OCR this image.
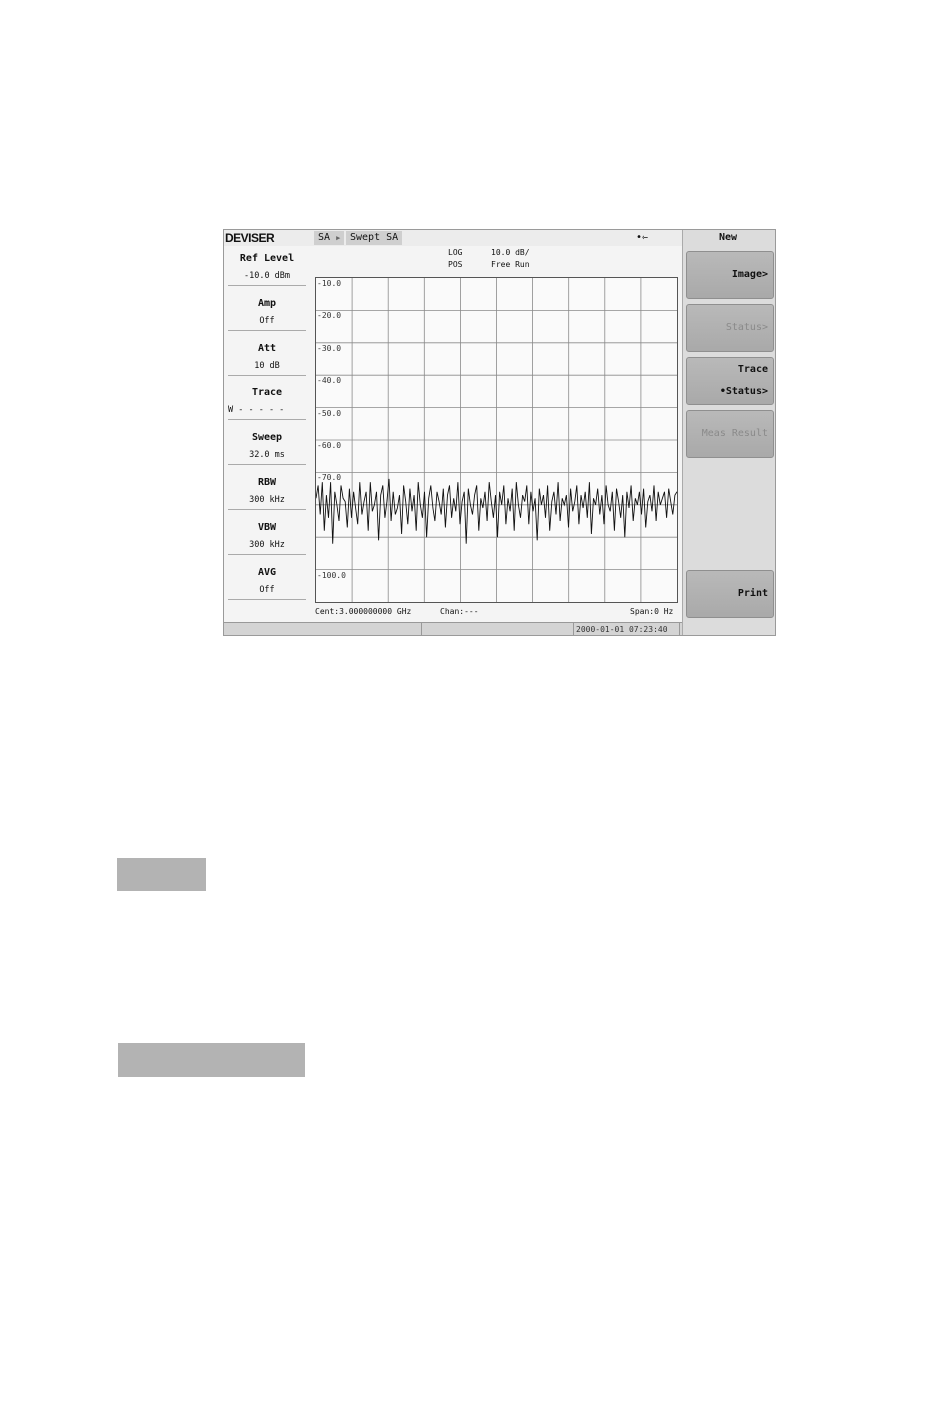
DEVISER	SA ▶ Swept SA	•⇽
LOG
POS
10.0 dB/
Free Run
Ref Level
-10.0 dBm
Amp
Off
Att
10 dB
Trace
W - - - - -
Sweep
32.0 ms
RBW
300 kHz
VBW
300 kHz
AVG
Off
-10.0
-20.0
-30.0
-40.0
-50.0
-60.0
-70.0
-100.0
Cent:3.000000000 GHz	Chan:---	Span:0 Hz
2000-01-01 07:23:40
New
Image>
Status>
Trace
•Status>
Meas Result
Print
